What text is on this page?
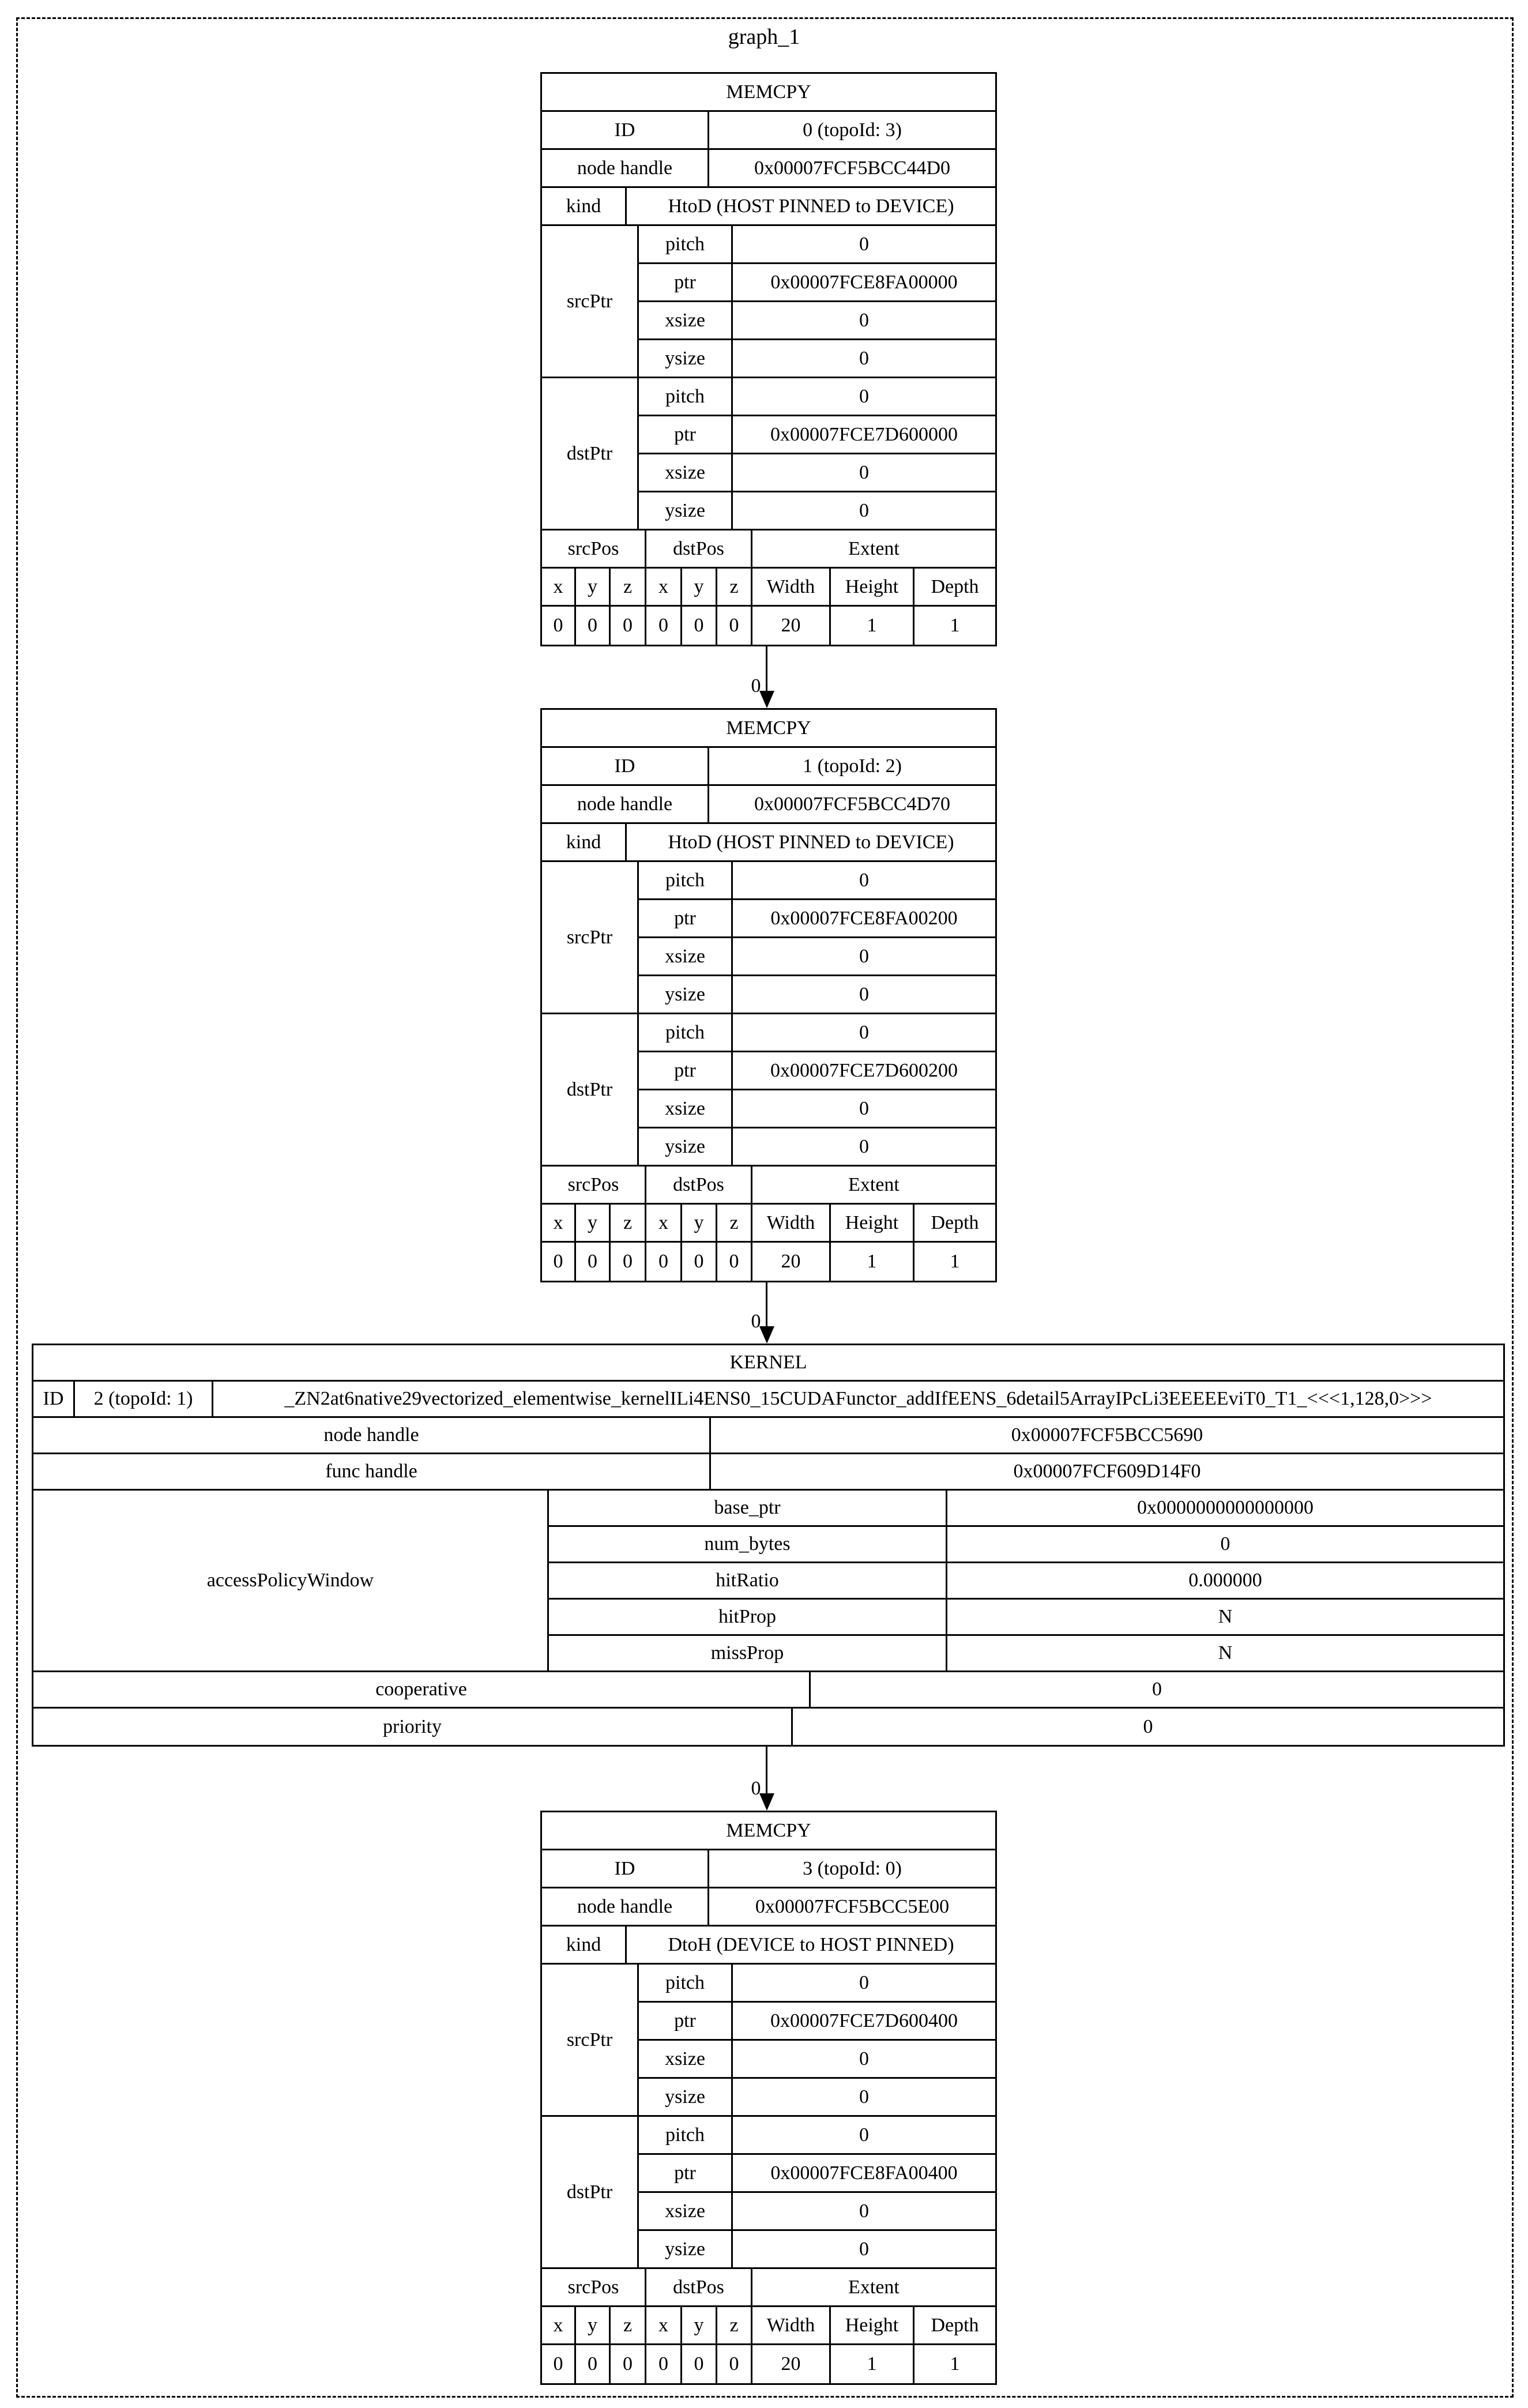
graph_1
MEMCPY
ID	0 (topoId: 3)
node handle	0x00007FCF5BCC44D0
kind	HtoD (HOST PINNED to DEVICE)
srcPtr
pitch	0
ptr	0x00007FCE8FA00000
xsize	0
ysize	0
dstPtr
pitch	0
ptr	0x00007FCE7D600000
xsize	0
ysize	0
srcPos	dstPos	Extent
x	y	z	x	y	z	Width	Height	Depth
0	0	0	0	0	0	20	1	1
0
MEMCPY
ID	1 (topoId: 2)
node handle	0x00007FCF5BCC4D70
kind	HtoD (HOST PINNED to DEVICE)
srcPtr
pitch	0
ptr	0x00007FCE8FA00200
xsize	0
ysize	0
dstPtr
pitch	0
ptr	0x00007FCE7D600200
xsize	0
ysize	0
srcPos	dstPos	Extent
x	y	z	x	y	z	Width	Height	Depth
0	0	0	0	0	0	20	1	1
0
KERNEL
ID	2 (topoId: 1)	_ZN2at6native29vectorized_elementwise_kernelILi4ENS0_15CUDAFunctor_addIfEENS_6detail5ArrayIPcLi3EEEEEviT0_T1_<<<1,128,0>>>
node handle	0x00007FCF5BCC5690
func handle	0x00007FCF609D14F0
accessPolicyWindow
base_ptr	0x0000000000000000
num_bytes	0
hitRatio	0.000000
hitProp	N
missProp	N
cooperative	0
priority	0
0
MEMCPY
ID	3 (topoId: 0)
node handle	0x00007FCF5BCC5E00
kind	DtoH (DEVICE to HOST PINNED)
srcPtr
pitch	0
ptr	0x00007FCE7D600400
xsize	0
ysize	0
dstPtr
pitch	0
ptr	0x00007FCE8FA00400
xsize	0
ysize	0
srcPos	dstPos	Extent
x	y	z	x	y	z	Width	Height	Depth
0	0	0	0	0	0	20	1	1
